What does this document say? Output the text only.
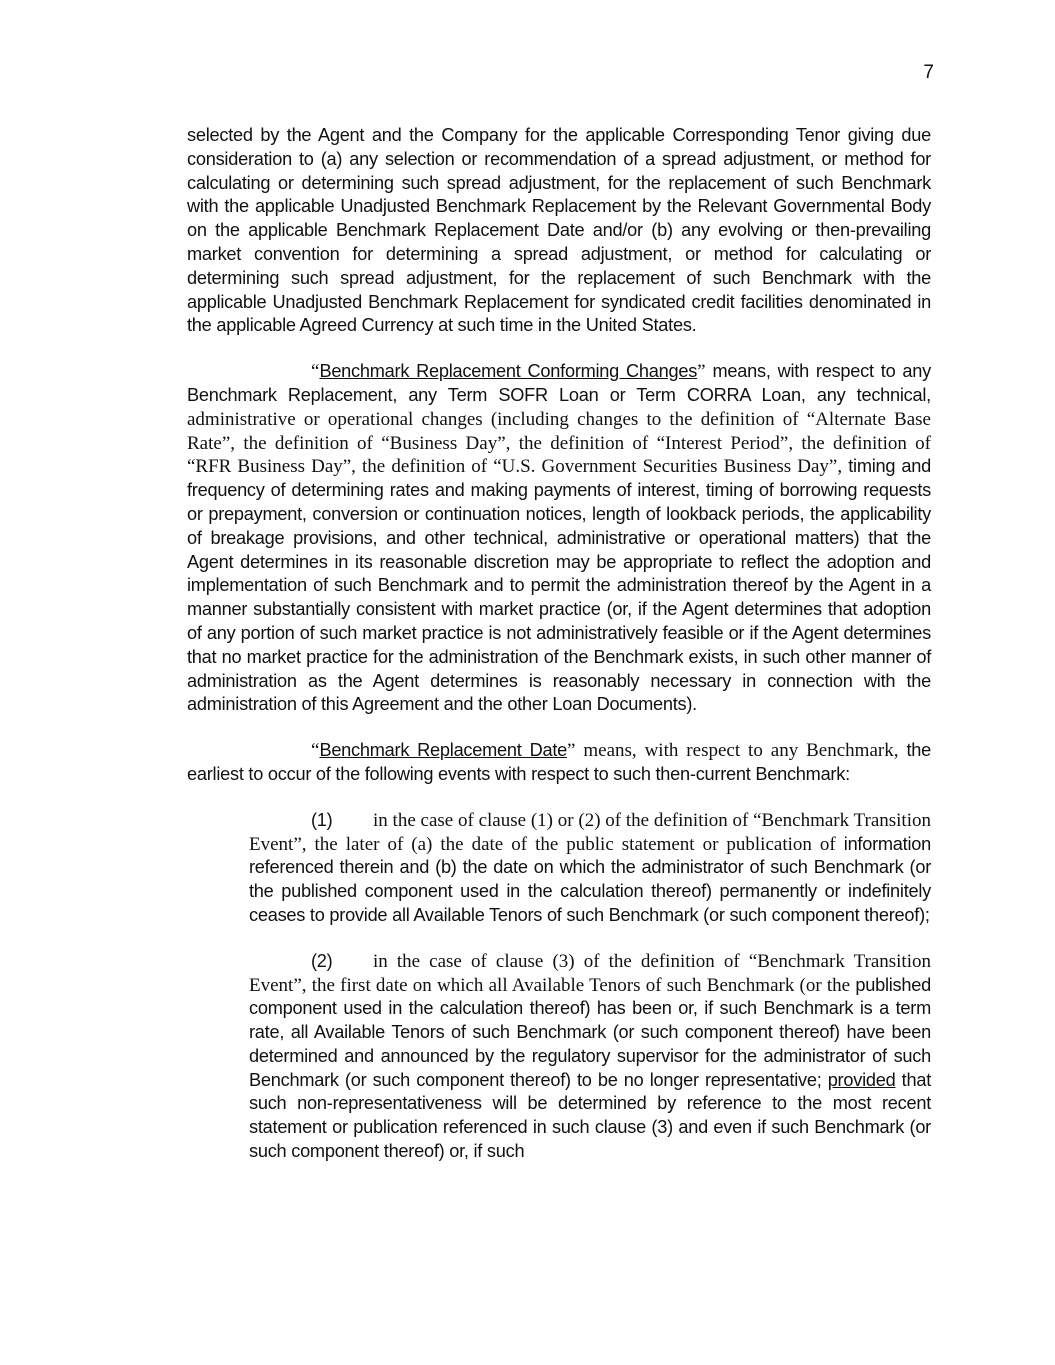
7

selected by the Agent and the Company for the applicable Corresponding Tenor giving due consideration to (a) any selection or recommendation of a spread adjustment, or method for calculating or determining such spread adjustment, for the replacement of such Benchmark with the applicable Unadjusted Benchmark Replacement by the Relevant Governmental Body on the applicable Benchmark Replacement Date and/or (b) any evolving or then-prevailing market convention for determining a spread adjustment, or method for calculating or determining such spread adjustment, for the replacement of such Benchmark with the applicable Unadjusted Benchmark Replacement for syndicated credit facilities denominated in the applicable Agreed Currency at such time in the United States.

“Benchmark Replacement Conforming Changes” means, with respect to any Benchmark Replacement, any Term SOFR Loan or Term CORRA Loan, any technical, administrative or operational changes (including changes to the definition of “Alternate Base Rate”, the definition of “Business Day”, the definition of “Interest Period”, the definition of “RFR Business Day”, the definition of “U.S. Government Securities Business Day”, timing and frequency of determining rates and making payments of interest, timing of borrowing requests or prepayment, conversion or continuation notices, length of lookback periods, the applicability of breakage provisions, and other technical, administrative or operational matters) that the Agent determines in its reasonable discretion may be appropriate to reflect the adoption and implementation of such Benchmark and to permit the administration thereof by the Agent in a manner substantially consistent with market practice (or, if the Agent determines that adoption of any portion of such market practice is not administratively feasible or if the Agent determines that no market practice for the administration of the Benchmark exists, in such other manner of administration as the Agent determines is reasonably necessary in connection with the administration of this Agreement and the other Loan Documents).

“Benchmark Replacement Date” means, with respect to any Benchmark, the earliest to occur of the following events with respect to such then-current Benchmark:

(1) in the case of clause (1) or (2) of the definition of “Benchmark Transition Event”, the later of (a) the date of the public statement or publication of information referenced therein and (b) the date on which the administrator of such Benchmark (or the published component used in the calculation thereof) permanently or indefinitely ceases to provide all Available Tenors of such Benchmark (or such component thereof);

(2) in the case of clause (3) of the definition of “Benchmark Transition Event”, the first date on which all Available Tenors of such Benchmark (or the published component used in the calculation thereof) has been or, if such Benchmark is a term rate, all Available Tenors of such Benchmark (or such component thereof) have been determined and announced by the regulatory supervisor for the administrator of such Benchmark (or such component thereof) to be no longer representative; provided that such non-representativeness will be determined by reference to the most recent statement or publication referenced in such clause (3) and even if such Benchmark (or such component thereof) or, if such
